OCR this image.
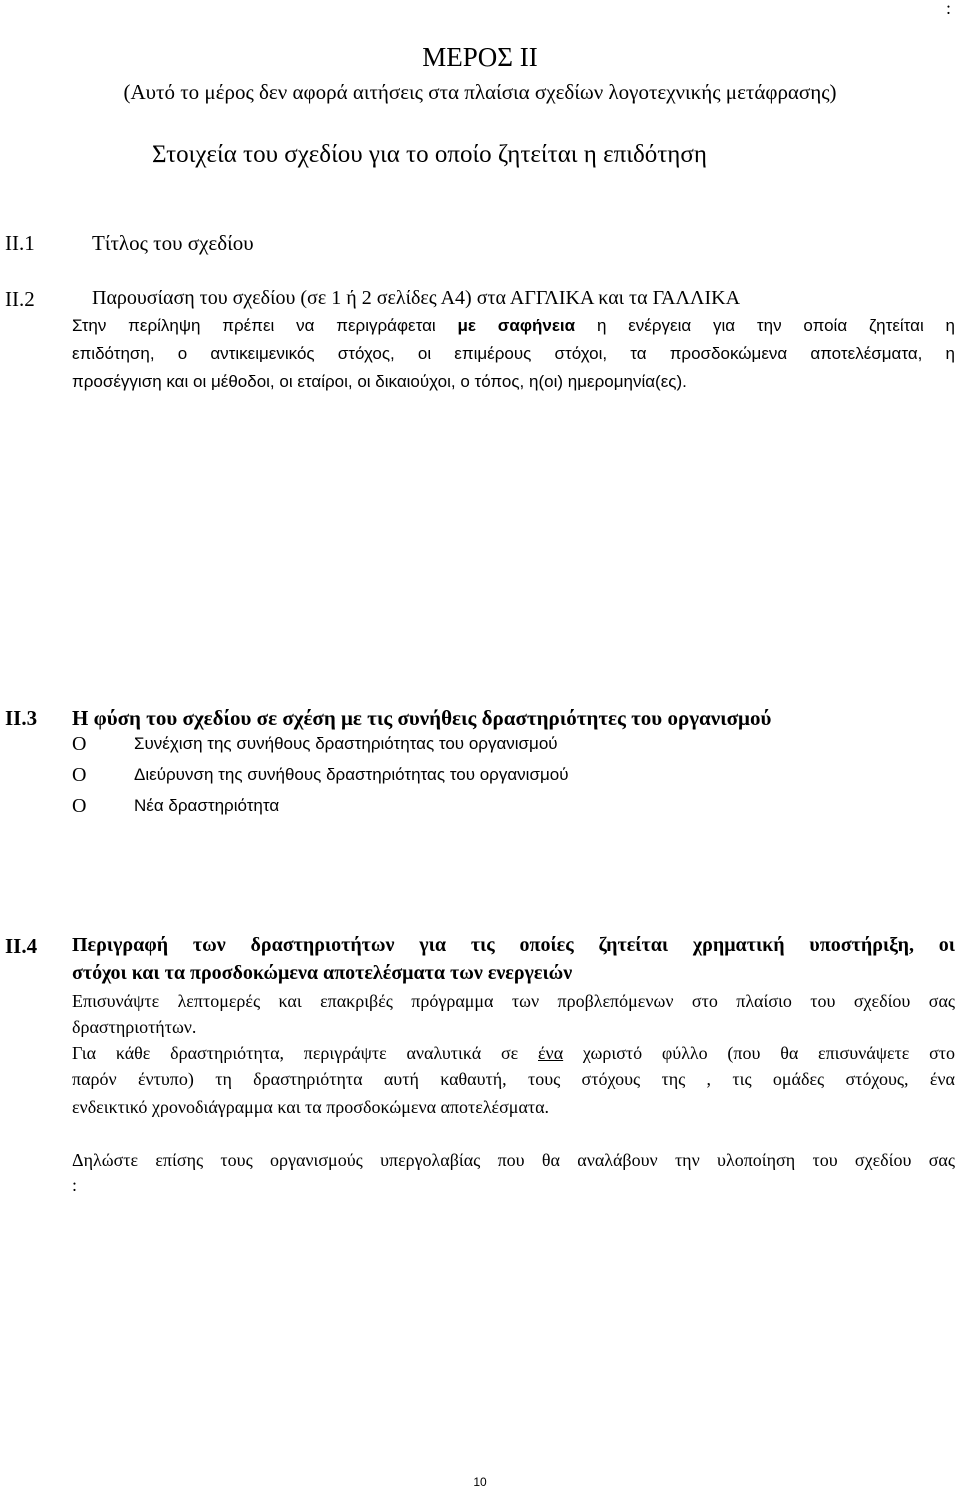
:
ΜΕΡΟΣ ΙΙ
(Αυτό το μέρος δεν αφορά αιτήσεις στα πλαίσια σχεδίων λογοτεχνικής μετάφρασης)
Στοιχεία του σχεδίου για το οποίο ζητείται η επιδότηση
ΙΙ.1	Τίτλος του σχεδίου
ΙΙ.2	Παρουσίαση του σχεδίου (σε 1 ή 2 σελίδες Α4) στα ΑΓΓΛΙΚΑ και τα ΓΑΛΛΙΚΑ
Στην περίληψη πρέπει να περιγράφεται με σαφήνεια η ενέργεια για την οποία ζητείται η
επιδότηση, ο αντικειμενικός στόχος, οι επιμέρους στόχοι, τα προσδοκώμενα αποτελέσματα, η
προσέγγιση και οι μέθοδοι, οι εταίροι, οι δικαιούχοι, ο τόπος, η(οι) ημερομηνία(ες).
ΙΙ.3 Η φύση του σχεδίου σε σχέση με τις συνήθεις δραστηριότητες του οργανισμού
Ο	Συνέχιση της συνήθους δραστηριότητας του οργανισμού
Ο	Διεύρυνση της συνήθους δραστηριότητας του οργανισμού
Ο	Νέα δραστηριότητα
ΙΙ.4 Περιγραφή των δραστηριοτήτων για τις οποίες ζητείται χρηματική υποστήριξη, οι
στόχοι και τα προσδοκώμενα αποτελέσματα των ενεργειών
Επισυνάψτε λεπτομερές και επακριβές πρόγραμμα των προβλεπόμενων στο πλαίσιο του σχεδίου σας
δραστηριοτήτων.
Για κάθε δραστηριότητα, περιγράψτε αναλυτικά σε ένα χωριστό φύλλο (που θα επισυνάψετε στο
παρόν έντυπο) τη δραστηριότητα αυτή καθαυτή, τους στόχους της , τις ομάδες στόχους, ένα
ενδεικτικό χρονοδιάγραμμα και τα προσδοκώμενα αποτελέσματα.
Δηλώστε επίσης τους οργανισμούς υπεργολαβίας που θα αναλάβουν την υλοποίηση του σχεδίου σας
:
10
